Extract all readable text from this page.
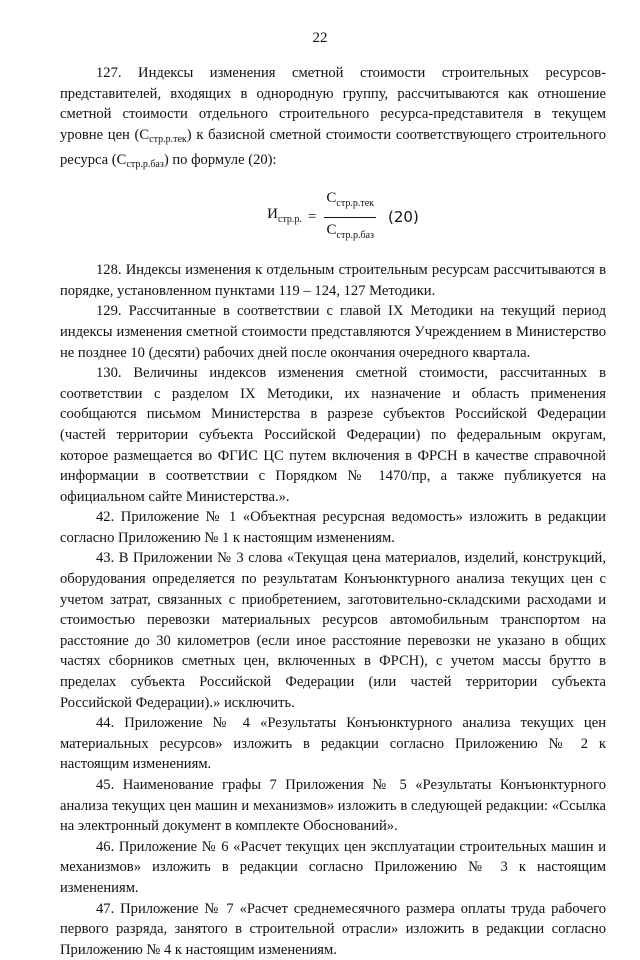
22

127. Индексы изменения сметной стоимости строительных ресурсов-представителей, входящих в однородную группу, рассчитываются как отношение сметной стоимости отдельного строительного ресурса-представителя в текущем уровне цен $(С_{стр.р.тек})$ к базисной сметной стоимости соответствующего строительного ресурса $(С_{стр.р.баз})$ по формуле (20):

$И_{стр.р.} = \frac{С_{стр.р.тек}}{С_{стр.р.баз}} (20)$

128. Индексы изменения к отдельным строительным ресурсам рассчитываются в порядке, установленном пунктами 119 – 124, 127 Методики.

129. Рассчитанные в соответствии с главой IX Методики на текущий период индексы изменения сметной стоимости представляются Учреждением в Министерство не позднее 10 (десяти) рабочих дней после окончания очередного квартала.

130. Величины индексов изменения сметной стоимости, рассчитанных в соответствии с разделом IX Методики, их назначение и область применения сообщаются письмом Министерства в разрезе субъектов Российской Федерации (частей территории субъекта Российской Федерации) по федеральным округам, которое размещается во ФГИС ЦС путем включения в ФРСН в качестве справочной информации в соответствии с Порядком № 1470/пр, а также публикуется на официальном сайте Министерства.».

42. Приложение № 1 «Объектная ресурсная ведомость» изложить в редакции согласно Приложению № 1 к настоящим изменениям.

43. В Приложении № 3 слова «Текущая цена материалов, изделий, конструкций, оборудования определяется по результатам Конъюнктурного анализа текущих цен с учетом затрат, связанных с приобретением, заготовительно-складскими расходами и стоимостью перевозки материальных ресурсов автомобильным транспортом на расстояние до 30 километров (если иное расстояние перевозки не указано в общих частях сборников сметных цен, включенных в ФРСН), с учетом массы брутто в пределах субъекта Российской Федерации (или частей территории субъекта Российской Федерации).» исключить.

44. Приложение № 4 «Результаты Конъюнктурного анализа текущих цен материальных ресурсов» изложить в редакции согласно Приложению № 2 к настоящим изменениям.

45. Наименование графы 7 Приложения № 5 «Результаты Конъюнктурного анализа текущих цен машин и механизмов» изложить в следующей редакции: «Ссылка на электронный документ в комплекте Обоснований».

46. Приложение № 6 «Расчет текущих цен эксплуатации строительных машин и механизмов» изложить в редакции согласно Приложению № 3 к настоящим изменениям.

47. Приложение № 7 «Расчет среднемесячного размера оплаты труда рабочего первого разряда, занятого в строительной отрасли» изложить в редакции согласно Приложению № 4 к настоящим изменениям.
